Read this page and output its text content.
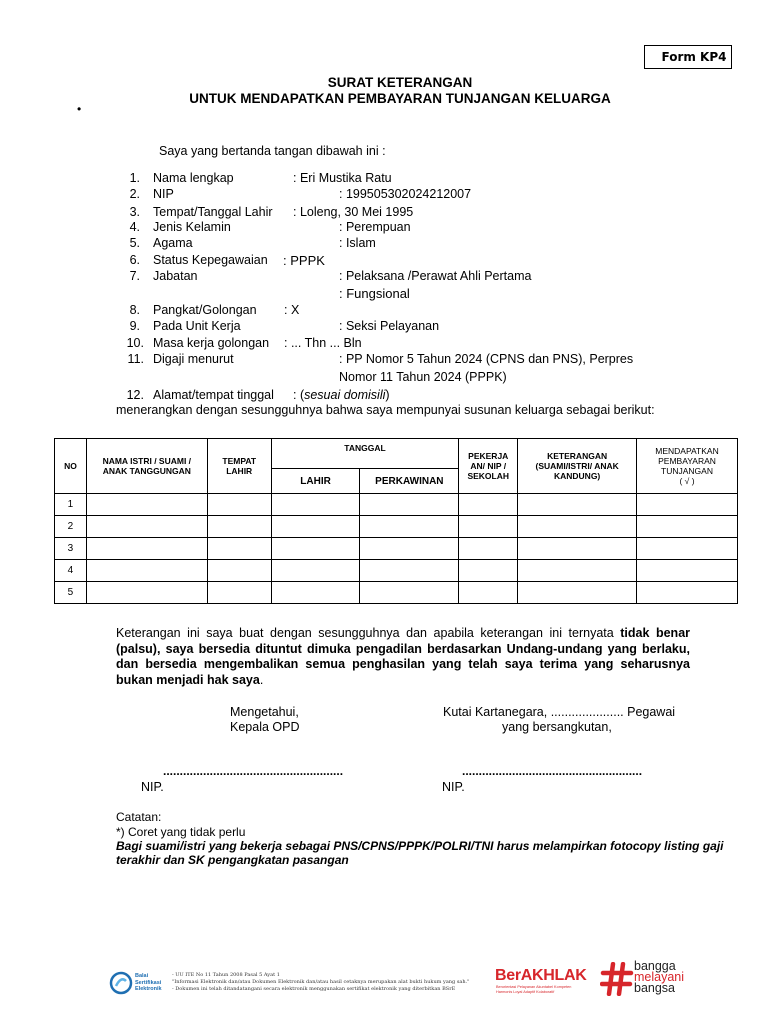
Form KP4
SURAT KETERANGAN
UNTUK MENDAPATKAN PEMBAYARAN TUNJANGAN KELUARGA
•
Saya yang bertanda tangan dibawah ini :
1. Nama lengkap	: Eri Mustika Ratu
2. NIP	: 199505302024212007
3. Tempat/Tanggal Lahir : Loleng, 30 Mei 1995
4. Jenis Kelamin	: Perempuan
5. Agama	: Islam
6. Status Kepegawaian : PPPK
7. Jabatan	: Pelaksana /Perawat Ahli Pertama
: Fungsional
8. Pangkat/Golongan : X
9. Pada Unit Kerja	: Seksi Pelayanan
10. Masa kerja golongan : ... Thn ... Bln
11. Digaji menurut	: PP Nomor 5 Tahun 2024 (CPNS dan PNS), Perpres
Nomor 11 Tahun 2024 (PPPK)
12. Alamat/tempat tinggal : (sesuai domisili)
menerangkan dengan sesungguhnya bahwa saya mempunyai susunan keluarga sebagai berikut:
NO	NAMA ISTRI / SUAMI / ANAK TANGGUNGAN	TEMPAT LAHIR	TANGGAL		PEKERJA AN/ NIP / SEKOLAH	KETERANGAN (SUAMI/ISTRI/ ANAK KANDUNG)	MENDAPATKAN PEMBAYARAN TUNJANGAN
( √ )
			LAHIR	PERKAWINAN			
1							
2							
3							
4							
5							
Keterangan ini saya buat dengan sesungguhnya dan apabila keterangan ini ternyata tidak benar (palsu), saya bersedia dituntut dimuka pengadilan berdasarkan Undang-undang yang berlaku, dan bersedia mengembalikan semua penghasilan yang telah saya terima yang seharusnya bukan menjadi hak saya.
Mengetahui,
Kepala OPD
......................................................
NIP.
Kutai Kartanegara, ..................... Pegawai
yang bersangkutan,
......................................................
NIP.
Catatan:
*) Coret yang tidak perlu
Bagi suami/istri yang bekerja sebagai PNS/CPNS/PPPK/POLRI/TNI harus melampirkan fotocopy listing gaji
terakhir dan SK pengangkatan pasangan
Balai
Sertifikasi
Elektronik
- UU ITE No 11 Tahun 2008 Pasal 5 Ayat 1
"Informasi Elektronik dan/atau Dokumen Elektronik dan/atau hasil cetaknya merupakan alat bukti hukum yang sah."
- Dokumen ini telah ditandatangani secara elektronik menggunakan sertifikat elektronik yang diterbitkan BSrE
BerAKHLAK
Berorientasi Pelayanan Akuntabel Kompeten
Harmonis Loyal Adaptif Kolaboratif
bangga
melayani
bangsa
